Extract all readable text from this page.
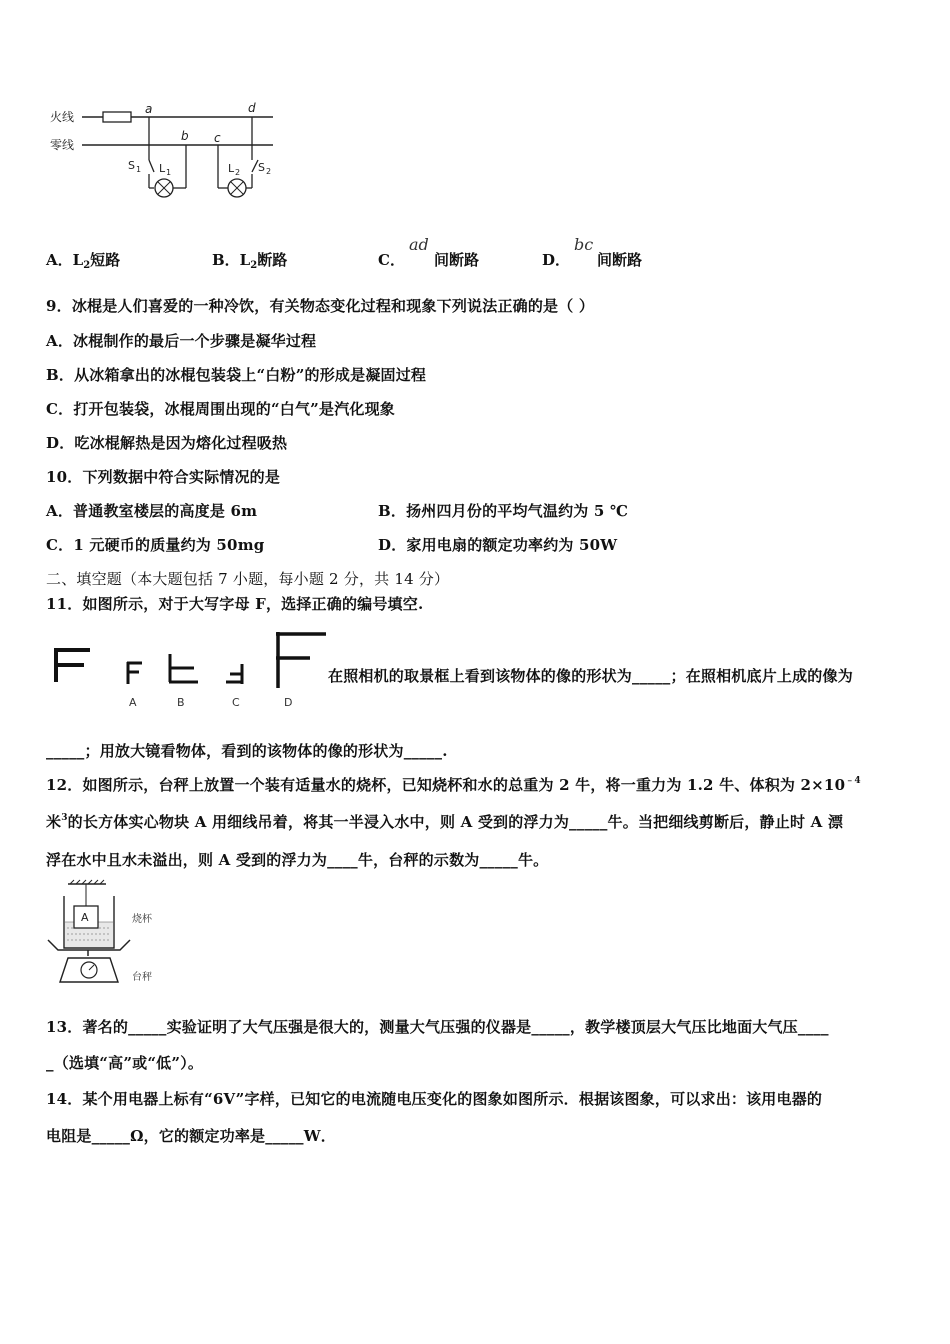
火线
零线
a
b c
d
S 1 L 1	L 2 S 2
A．$L_2$短路	B．$L_2$断路	C．
ad
间断路	D．
bc
间断路
9．冰棍是人们喜爱的一种冷饮，有关物态变化过程和现象下列说法正确的是（ ）
A．冰棍制作的最后一个步骤是凝华过程
B．从冰箱拿出的冰棍包装袋上“白粉”的形成是凝固过程
C．打开包装袋，冰棍周围出现的“白气”是汽化现象
D．吃冰棍解热是因为熔化过程吸热
10．下列数据中符合实际情况的是
A．普通教室楼层的高度是 6m	B．扬州四月份的平均气温约为 5 ℃
C．1 元硬币的质量约为 50mg	D．家用电扇的额定功率约为 50W
二、填空题（本大题包括 7 小题，每小题 2 分，共 14 分）
11．如图所示，对于大写字母 F，选择正确的编号填空.
A	B	C	D
在照相机的取景框上看到该物体的像的形状为_____；在照相机底片上成的像为
_____；用放大镜看物体，看到的该物体的像的形状为_____.
12．如图所示，台秤上放置一个装有适量水的烧杯，已知烧杯和水的总重为 2 牛，将一重力为 1.2 牛、体积为 $2\times 10^{﹣4}$
米$^3$的长方体实心物块 A 用细线吊着，将其一半浸入水中，则 A 受到的浮力为_____牛。当把细线剪断后，静止时 A 漂
浮在水中且水未溢出，则 A 受到的浮力为____牛，台秤的示数为_____牛。
A	烧杯
台秤
13．著名的_____实验证明了大气压强是很大的，测量大气压强的仪器是_____，教学楼顶层大气压比地面大气压____
_（选填“高”或“低”）。
14．某个用电器上标有“6V”字样，已知它的电流随电压变化的图象如图所示．根据该图象，可以求出：该用电器的
电阻是_____Ω，它的额定功率是_____W．
